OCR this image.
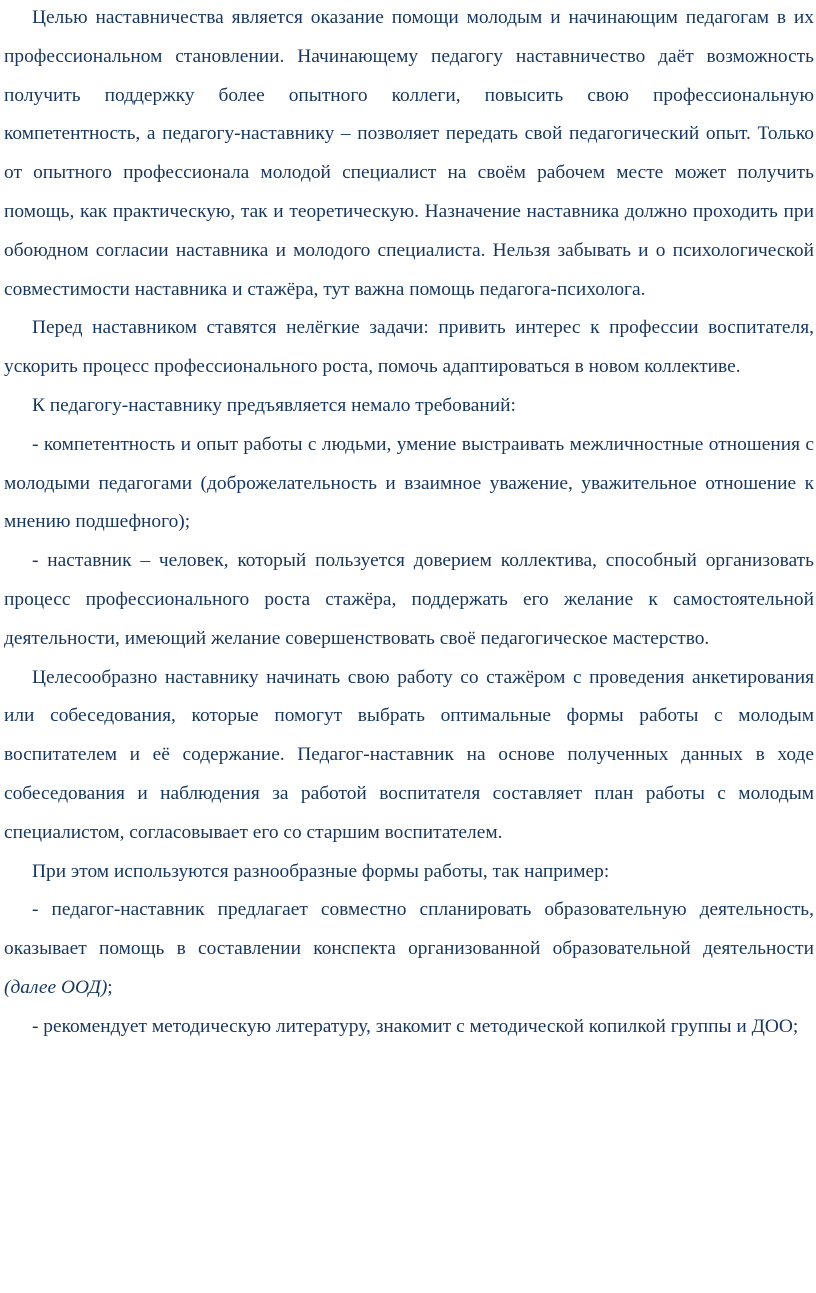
Целью наставничества является оказание помощи молодым и начинающим педагогам в их профессиональном становлении. Начинающему педагогу наставничество даёт возможность получить поддержку более опытного коллеги, повысить свою профессиональную компетентность, а педагогу-наставнику – позволяет передать свой педагогический опыт. Только от опытного профессионала молодой специалист на своём рабочем месте может получить помощь, как практическую, так и теоретическую. Назначение наставника должно проходить при обоюдном согласии наставника и молодого специалиста. Нельзя забывать и о психологической совместимости наставника и стажёра, тут важна помощь педагога-психолога.

Перед наставником ставятся нелёгкие задачи: привить интерес к профессии воспитателя, ускорить процесс профессионального роста, помочь адаптироваться в новом коллективе.

К педагогу-наставнику предъявляется немало требований:

- компетентность и опыт работы с людьми, умение выстраивать межличностные отношения с молодыми педагогами (доброжелательность и взаимное уважение, уважительное отношение к мнению подшефного);

- наставник – человек, который пользуется доверием коллектива, способный организовать процесс профессионального роста стажёра, поддержать его желание к самостоятельной деятельности, имеющий желание совершенствовать своё педагогическое мастерство.

Целесообразно наставнику начинать свою работу со стажёром с проведения анкетирования или собеседования, которые помогут выбрать оптимальные формы работы с молодым воспитателем и её содержание. Педагог-наставник на основе полученных данных в ходе собеседования и наблюдения за работой воспитателя составляет план работы с молодым специалистом, согласовывает его со старшим воспитателем.

При этом используются разнообразные формы работы, так например:

- педагог-наставник предлагает совместно спланировать образовательную деятельность, оказывает помощь в составлении конспекта организованной образовательной деятельности (далее ООД);

- рекомендует методическую литературу, знакомит с методической копилкой группы и ДОО;
